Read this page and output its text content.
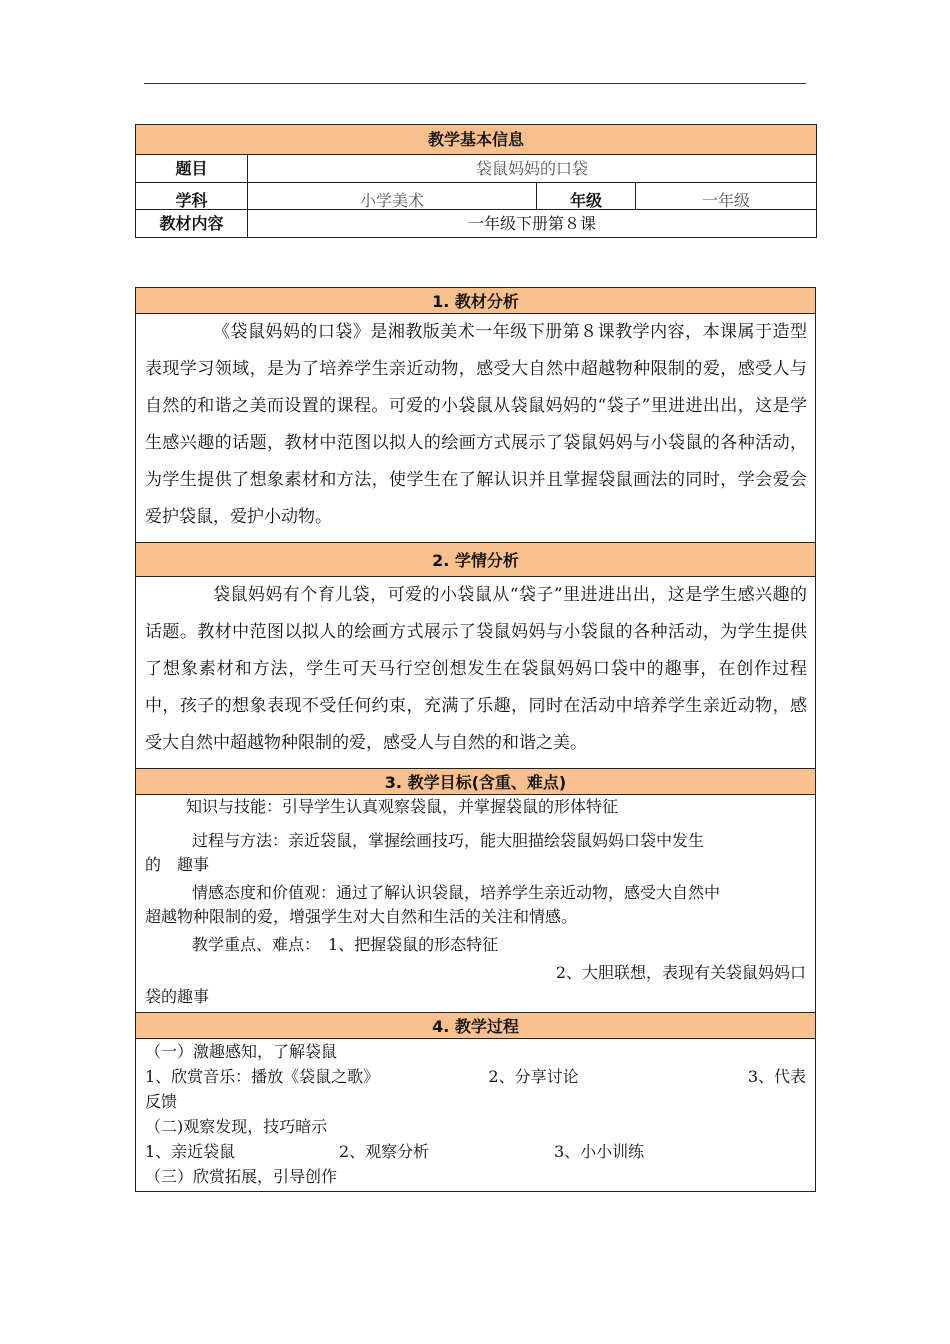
教学基本信息			
题目	袋鼠妈妈的口袋		
学科	小学美术	年级	一年级
教材内容	一年级下册第８课		
1. 教材分析

《袋鼠妈妈的口袋》是湘教版美术一年级下册第８课教学内容，本课属于造型表现学习领域，是为了培养学生亲近动物，感受大自然中超越物种限制的爱，感受人与自然的和谐之美而设置的课程。可爱的小袋鼠从袋鼠妈妈的“袋子”里进进出出，这是学生感兴趣的话题，教材中范图以拟人的绘画方式展示了袋鼠妈妈与小袋鼠的各种活动，为学生提供了想象素材和方法，使学生在了解认识并且掌握袋鼠画法的同时，学会爱会爱护袋鼠，爱护小动物。

2. 学情分析

袋鼠妈妈有个育儿袋，可爱的小袋鼠从“袋子”里进进出出，这是学生感兴趣的话题。教材中范图以拟人的绘画方式展示了袋鼠妈妈与小袋鼠的各种活动，为学生提供了想象素材和方法，学生可天马行空创想发生在袋鼠妈妈口袋中的趣事，在创作过程中，孩子的想象表现不受任何约束，充满了乐趣，同时在活动中培养学生亲近动物，感受大自然中超越物种限制的爱，感受人与自然的和谐之美。

3. 教学目标(含重、难点)

知识与技能：引导学生认真观察袋鼠，并掌握袋鼠的形体特征
过程与方法：亲近袋鼠，掌握绘画技巧，能大胆描绘袋鼠妈妈口袋中发生
的　趣事
情感态度和价值观：通过了解认识袋鼠，培养学生亲近动物，感受大自然中
超越物种限制的爱，增强学生对大自然和生活的关注和情感。
教学重点、难点：　1、把握袋鼠的形态特征
2、大胆联想，表现有关袋鼠妈妈口
袋的趣事

4. 教学过程

（一）激趣感知，了解袋鼠
1、欣赏音乐：播放《袋鼠之歌》	2、分享讨论	3、代表
反馈
（二)观察发现，技巧暗示
1、亲近袋鼠	2、观察分析	3、小小训练
（三）欣赏拓展，引导创作
